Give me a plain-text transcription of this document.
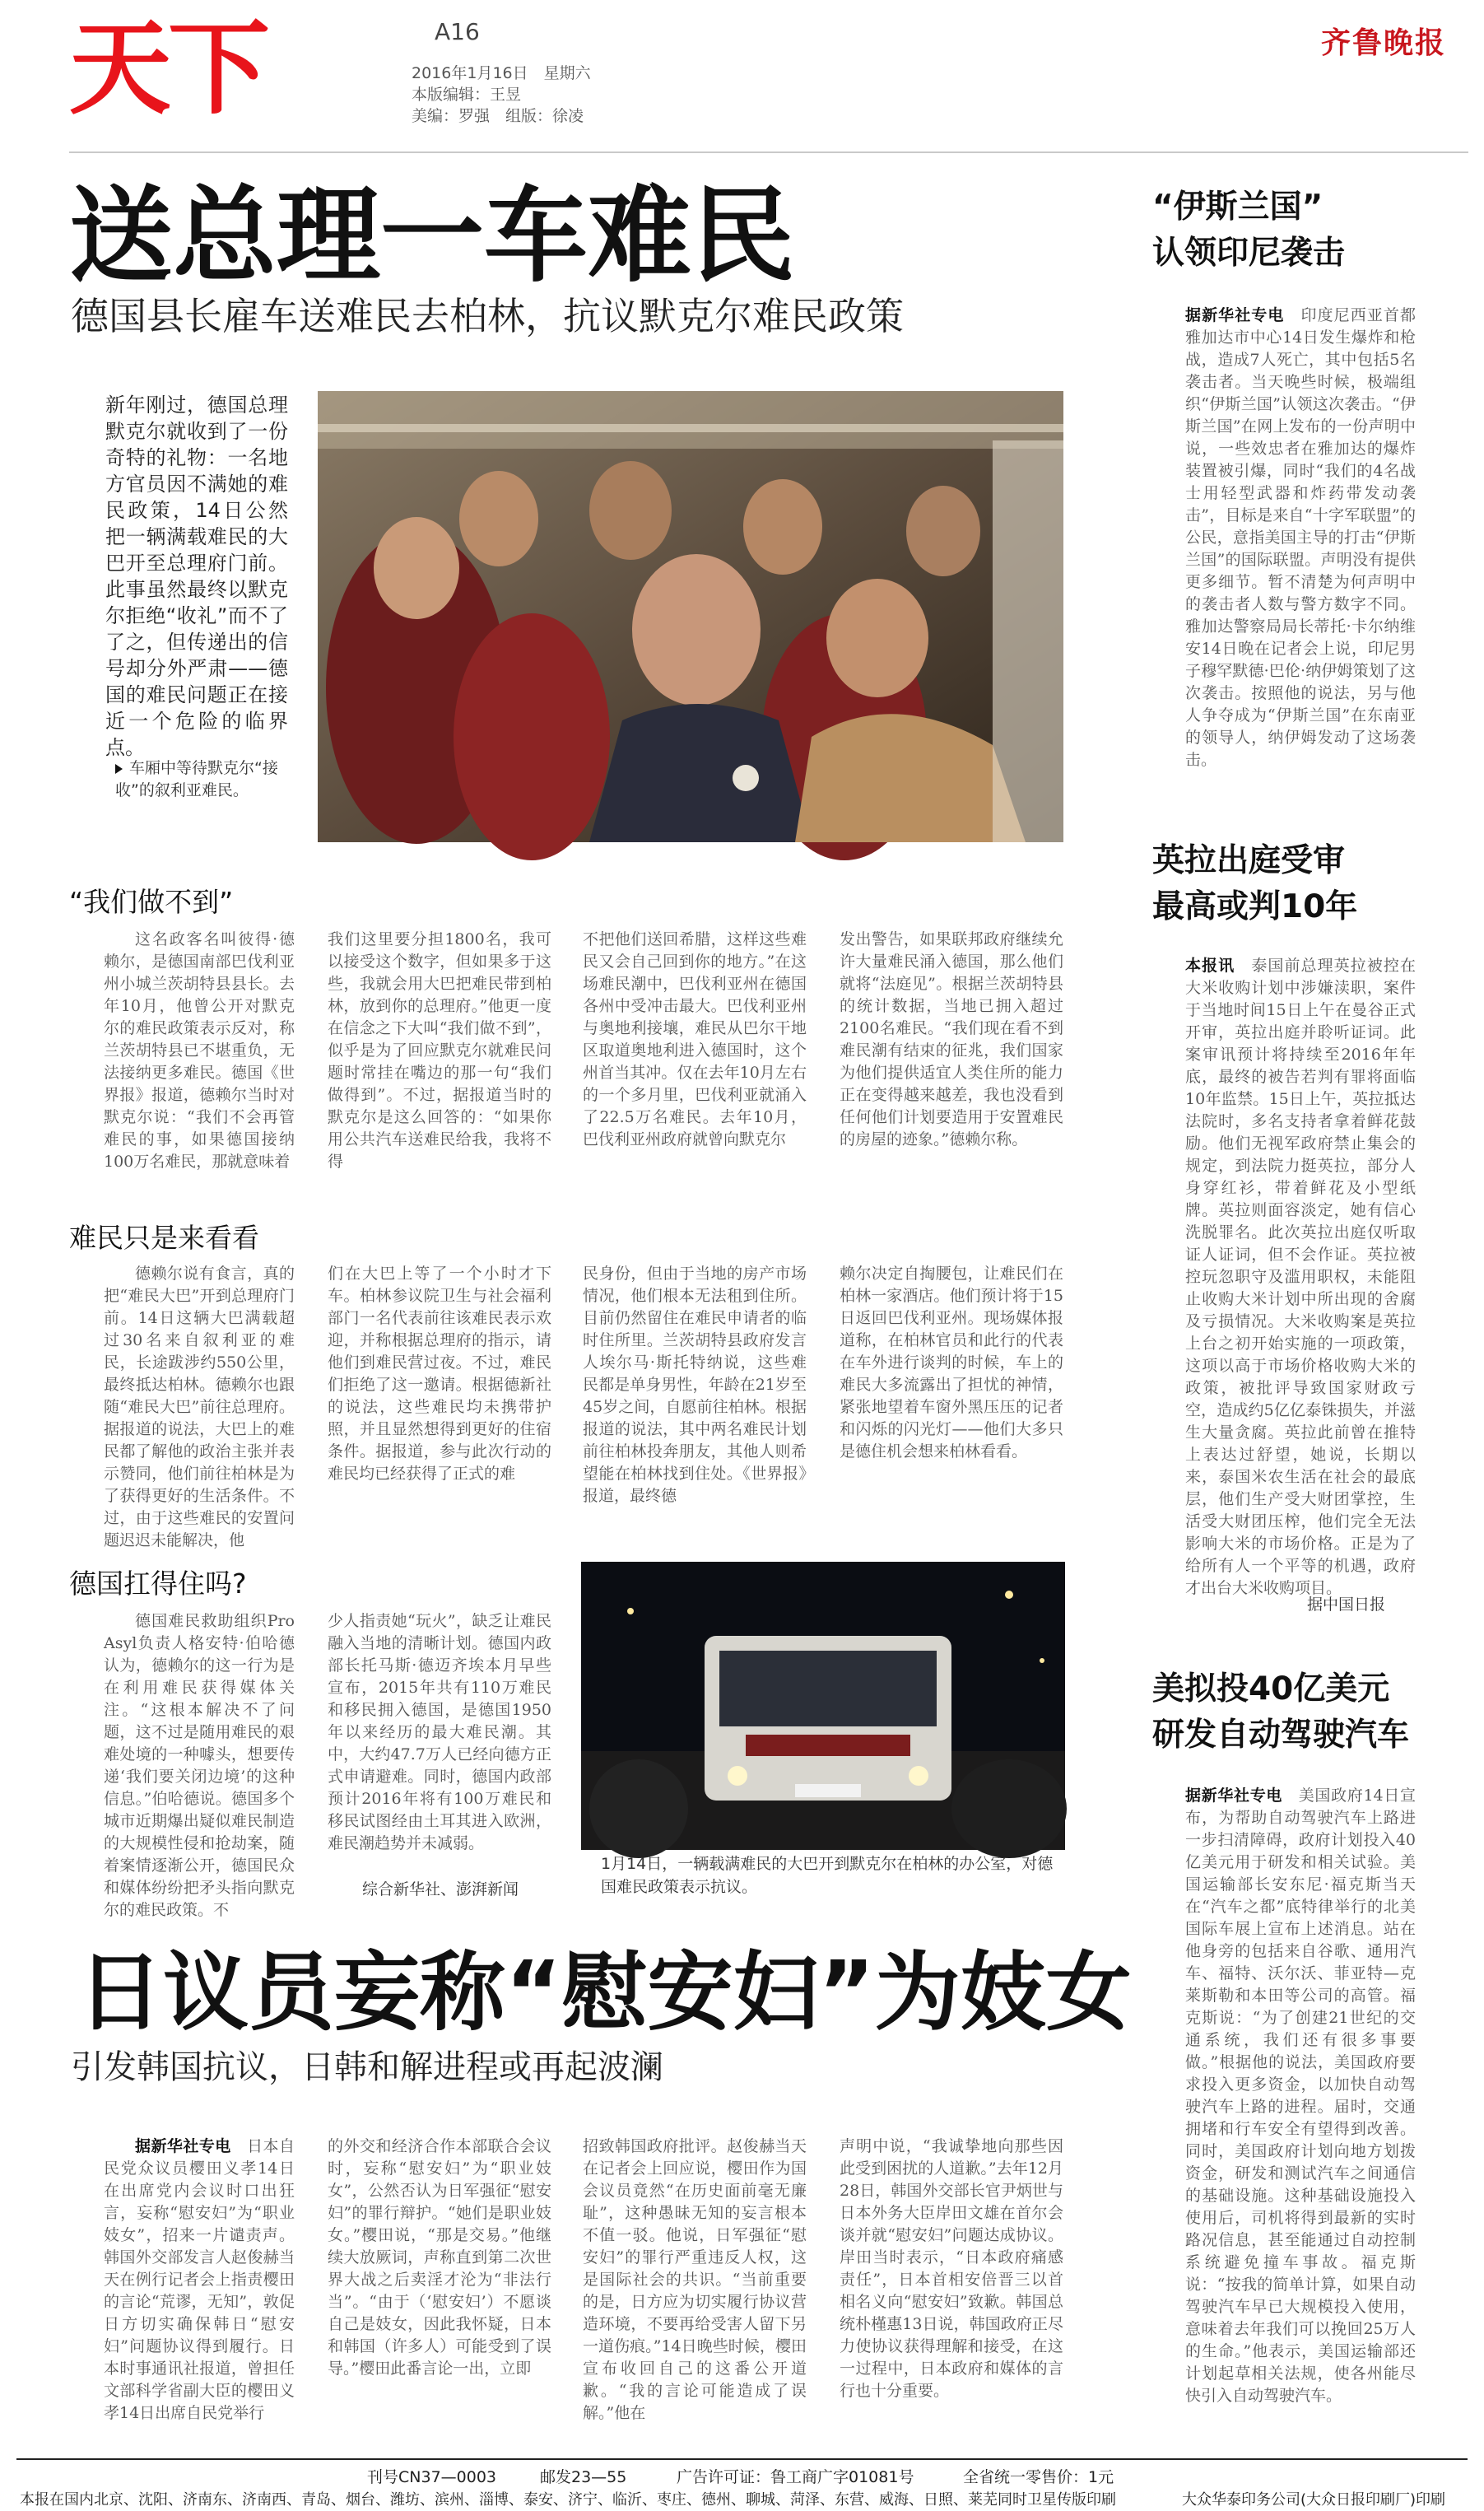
天下	A16
2016年1月16日　星期六
本版编辑：王昱
美编：罗强　组版：徐凌
齐鲁晚报
送总理一车难民
德国县长雇车送难民去柏林，抗议默克尔难民政策

新年刚过，德国总理默克尔就收到了一份奇特的礼物：一名地方官员因不满她的难民政策，14日公然把一辆满载难民的大巴开至总理府门前。此事虽然最终以默克尔拒绝“收礼”而不了了之，但传递出的信号却分外严肃——德国的难民问题正在接近一个危险的临界点。

车厢中等待默克尔“接收”的叙利亚难民。
“我们做不到”

这名政客名叫彼得·德赖尔，是德国南部巴伐利亚州小城兰茨胡特县县长。去年10月，他曾公开对默克尔的难民政策表示反对，称兰茨胡特县已不堪重负，无法接纳更多难民。德国《世界报》报道，德赖尔当时对默克尔说：“我们不会再管难民的事，如果德国接纳100万名难民，那就意味着

我们这里要分担1800名，我可以接受这个数字，但如果多于这些，我就会用大巴把难民带到柏林，放到你的总理府。”他更一度在信念之下大叫“我们做不到”，似乎是为了回应默克尔就难民问题时常挂在嘴边的那一句“我们做得到”。不过，据报道当时的默克尔是这么回答的：“如果你用公共汽车送难民给我，我将不得

不把他们送回希腊，这样这些难民又会自己回到你的地方。”在这场难民潮中，巴伐利亚州在德国各州中受冲击最大。巴伐利亚州与奥地利接壤，难民从巴尔干地区取道奥地利进入德国时，这个州首当其冲。仅在去年10月左右的一个多月里，巴伐利亚就涌入了22.5万名难民。去年10月，巴伐利亚州政府就曾向默克尔

发出警告，如果联邦政府继续允许大量难民涌入德国，那么他们就将“法庭见”。根据兰茨胡特县的统计数据，当地已拥入超过2100名难民。“我们现在看不到难民潮有结束的征兆，我们国家为他们提供适宜人类住所的能力正在变得越来越差，我也没看到任何他们计划要造用于安置难民的房屋的迹象。”德赖尔称。

难民只是来看看

德赖尔说有食言，真的把“难民大巴”开到总理府门前。14日这辆大巴满载超过30名来自叙利亚的难民，长途跋涉约550公里，最终抵达柏林。德赖尔也跟随“难民大巴”前往总理府。据报道的说法，大巴上的难民都了解他的政治主张并表示赞同，他们前往柏林是为了获得更好的生活条件。不过，由于这些难民的安置问题迟迟未能解决，他

们在大巴上等了一个小时才下车。柏林参议院卫生与社会福利部门一名代表前往该难民表示欢迎，并称根据总理府的指示，请他们到难民营过夜。不过，难民们拒绝了这一邀请。根据德新社的说法，这些难民均未携带护照，并且显然想得到更好的住宿条件。据报道，参与此次行动的难民均已经获得了正式的难

民身份，但由于当地的房产市场情况，他们根本无法租到住所。目前仍然留住在难民申请者的临时住所里。兰茨胡特县政府发言人埃尔马·斯托特纳说，这些难民都是单身男性，年龄在21岁至45岁之间，自愿前往柏林。根据报道的说法，其中两名难民计划前往柏林投奔朋友，其他人则希望能在柏林找到住处。《世界报》报道，最终德

赖尔决定自掏腰包，让难民们在柏林一家酒店。他们预计将于15日返回巴伐利亚州。现场媒体报道称，在柏林官员和此行的代表在车外进行谈判的时候，车上的难民大多流露出了担忧的神情，紧张地望着车窗外黑压压的记者和闪烁的闪光灯——他们大多只是德住机会想来柏林看看。

德国扛得住吗?

德国难民救助组织Pro Asyl负责人格安特·伯哈德认为，德赖尔的这一行为是在利用难民获得媒体关注。“这根本解决不了问题，这不过是随用难民的艰难处境的一种噱头，想要传递‘我们要关闭边境’的这种信息。”伯哈德说。德国多个城市近期爆出疑似难民制造的大规模性侵和抢劫案，随着案情逐渐公开，德国民众和媒体纷纷把矛头指向默克尔的难民政策。不

少人指责她“玩火”，缺乏让难民融入当地的清晰计划。德国内政部长托马斯·德迈齐埃本月早些宣布，2015年共有110万难民和移民拥入德国，是德国1950年以来经历的最大难民潮。其中，大约47.7万人已经向德方正式申请避难。同时，德国内政部预计2016年将有100万难民和移民试图经由土耳其进入欧洲，难民潮趋势并未减弱。

综合新华社、澎湃新闻
1月14日，一辆载满难民的大巴开到默克尔在柏林的办公室，对德国难民政策表示抗议。
日议员妄称“慰安妇”为妓女
引发韩国抗议，日韩和解进程或再起波澜

据新华社专电　 日本自民党众议员樱田义孝14日在出席党内会议时口出狂言，妄称“慰安妇”为“职业妓女”，招来一片谴责声。韩国外交部发言人赵俊赫当天在例行记者会上指责樱田的言论“荒谬，无知”，敦促日方切实确保韩日“慰安妇”问题协议得到履行。日本时事通讯社报道，曾担任文部科学省副大臣的樱田义孝14日出席自民党举行

的外交和经济合作本部联合会议时，妄称“慰安妇”为“职业妓女”，公然否认为日军强征“慰安妇”的罪行辩护。“她们是职业妓女。”樱田说，“那是交易。”他继续大放厥词，声称直到第二次世界大战之后卖淫才沦为“非法行当”。“由于（‘慰安妇’）不愿谈自己是妓女，因此我怀疑，日本和韩国（许多人）可能受到了误导。”樱田此番言论一出，立即

招致韩国政府批评。赵俊赫当天在记者会上回应说，樱田作为国会议员竟然“在历史面前毫无廉耻”，这种愚昧无知的妄言根本不值一驳。他说，日军强征“慰安妇”的罪行严重违反人权，这是国际社会的共识。“当前重要的是，日方应为切实履行协议营造环境，不要再给受害人留下另一道伤痕。”14日晚些时候，樱田宣布收回自己的这番公开道歉。“我的言论可能造成了误解。”他在

声明中说，“我诚挚地向那些因此受到困扰的人道歉。”去年12月28日，韩国外交部长官尹炳世与日本外务大臣岸田文雄在首尔会谈并就“慰安妇”问题达成协议。岸田当时表示，“日本政府痛感责任”，日本首相安倍晋三以首相名义向“慰安妇”致歉。韩国总统朴槿惠13日说，韩国政府正尽力使协议获得理解和接受，在这一过程中，日本政府和媒体的言行也十分重要。

“伊斯兰国”
认领印尼袭击

据新华社专电　 印度尼西亚首都雅加达市中心14日发生爆炸和枪战，造成7人死亡，其中包括5名袭击者。当天晚些时候，极端组织“伊斯兰国”认领这次袭击。“伊斯兰国”在网上发布的一份声明中说，一些效忠者在雅加达的爆炸装置被引爆，同时“我们的4名战士用轻型武器和炸药带发动袭击”，目标是来自“十字军联盟”的公民，意指美国主导的打击“伊斯兰国”的国际联盟。声明没有提供更多细节。暂不清楚为何声明中的袭击者人数与警方数字不同。雅加达警察局局长蒂托·卡尔纳维安14日晚在记者会上说，印尼男子穆罕默德·巴伦·纳伊姆策划了这次袭击。按照他的说法，另与他人争夺成为“伊斯兰国”在东南亚的领导人，纳伊姆发动了这场袭击。

英拉出庭受审
最高或判10年

本报讯　 泰国前总理英拉被控在大米收购计划中涉嫌渎职，案件于当地时间15日上午在曼谷正式开审，英拉出庭并聆听证词。此案审讯预计将持续至2016年年底，最终的被告若判有罪将面临10年监禁。15日上午，英拉抵达法院时，多名支持者拿着鲜花鼓励。他们无视军政府禁止集会的规定，到法院力挺英拉，部分人身穿红衫，带着鲜花及小型纸牌。英拉则面容淡定，她有信心洗脱罪名。此次英拉出庭仅听取证人证词，但不会作证。英拉被控玩忽职守及滥用职权，未能阻止收购大米计划中所出现的舍腐及亏损情况。大米收购案是英拉上台之初开始实施的一项政策，这项以高于市场价格收购大米的政策，被批评导致国家财政亏空，造成约5亿亿泰铢损失，并滋生大量贪腐。英拉此前曾在推特上表达过舒望，她说，长期以来，泰国米农生活在社会的最底层，他们生产受大财团掌控，生活受大财团压榨，他们完全无法影响大米的市场价格。正是为了给所有人一个平等的机遇，政府才出台大米收购项目。

据中国日报
美拟投40亿美元
研发自动驾驶汽车

据新华社专电　 美国政府14日宣布，为帮助自动驾驶汽车上路进一步扫清障碍，政府计划投入40亿美元用于研发和相关试验。美国运输部长安东尼·福克斯当天在“汽车之都”底特律举行的北美国际车展上宣布上述消息。站在他身旁的包括来自谷歌、通用汽车、福特、沃尔沃、菲亚特—克莱斯勒和本田等公司的高管。福克斯说：“为了创建21世纪的交通系统，我们还有很多事要做。”根据他的说法，美国政府要求投入更多资金，以加快自动驾驶汽车上路的进程。届时，交通拥堵和行车安全有望得到改善。同时，美国政府计划向地方划拨资金，研发和测试汽车之间通信的基础设施。这种基础设施投入使用后，司机将得到最新的实时路况信息，甚至能通过自动控制系统避免撞车事故。福克斯说：“按我的简单计算，如果自动驾驶汽车早已大规模投入使用，意味着去年我们可以挽回25万人的生命。”他表示，美国运输部还计划起草相关法规，使各州能尽快引入自动驾驶汽车。

刊号CN37—0003	邮发23—55	广告许可证：鲁工商广字01081号	全省统一零售价：1元
本报在国内北京、沈阳、济南东、济南西、青岛、烟台、潍坊、滨州、淄博、泰安、济宁、临沂、枣庄、德州、聊城、菏泽、东营、威海、日照、莱芜同时卫星传版印刷	大众华泰印务公司(大众日报印刷厂)印刷
